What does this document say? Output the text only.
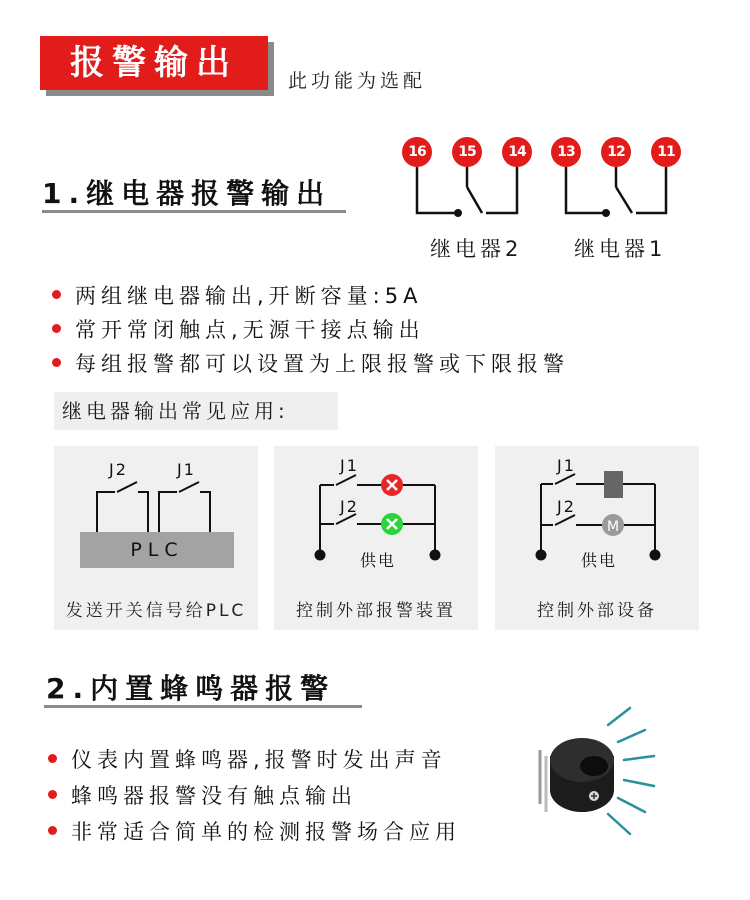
报警输出	此功能为选配
1.继电器报警输出
16	15	14	13	12	11
继电器2 继电器1
两组继电器输出,开断容量:5A
常开常闭触点,无源干接点输出
每组报警都可以设置为上限报警或下限报警
继电器输出常见应用:
J2	J1
PLC
发送开关信号给PLC
J1
J2
供电
控制外部报警装置
J1
J2
M
供电
控制外部设备
2.内置蜂鸣器报警
仪表内置蜂鸣器,报警时发出声音
蜂鸣器报警没有触点输出
非常适合简单的检测报警场合应用
